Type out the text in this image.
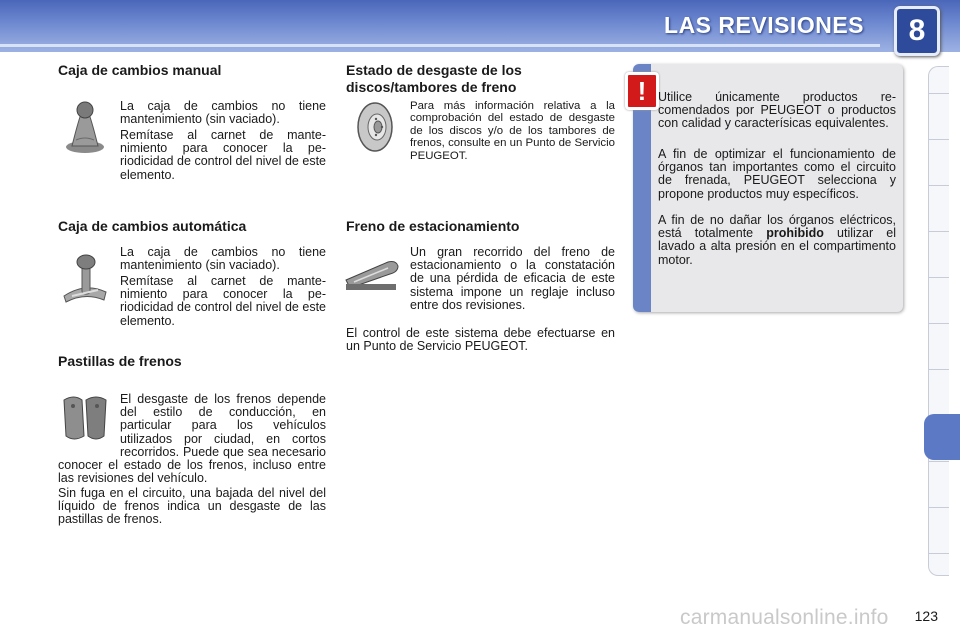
LAS REVISIONES	8
Caja de cambios manual

La caja de cambios no tiene mantenimiento (sin vaciado).

Remítase al carnet de mantenimiento para conocer la periodicidad de control del nivel de este elemento.

Caja de cambios automática

La caja de cambios no tiene mantenimiento (sin vaciado).

Remítase al carnet de mantenimiento para conocer la periodicidad de control del nivel de este elemento.

Pastillas de frenos

El desgaste de los frenos depende del estilo de conducción, en particular para los vehículos utilizados por ciudad, en cortos recorridos. Puede que sea necesario conocer el estado de los frenos, incluso entre las revisiones del vehículo.

Sin fuga en el circuito, una bajada del nivel del líquido de frenos indica un desgaste de las pastillas de frenos.

Estado de desgaste de los
discos/tambores de freno

Para más información relativa a la comprobación del estado de desgaste de los discos y/o de los tambores de frenos, consulte en un Punto de Servicio PEUGEOT.

Freno de estacionamiento

Un gran recorrido del freno de estacionamiento o la constatación de una pérdida de eficacia de este sistema impone un reglaje incluso entre dos revisiones.

El control de este sistema debe efectuarse en un Punto de Servicio PEUGEOT.

! Utilice únicamente productos recomendados por PEUGEOT o productos con calidad y caracterísicas equivalentes.

A fin de optimizar el funcionamiento de órganos tan importantes como el circuito de frenada, PEUGEOT selecciona y propone productos muy específicos.

A fin de no dañar los órganos eléctricos, está totalmente prohibido utilizar el lavado a alta presión en el compartimento motor.

carmanualsonline.info 123
